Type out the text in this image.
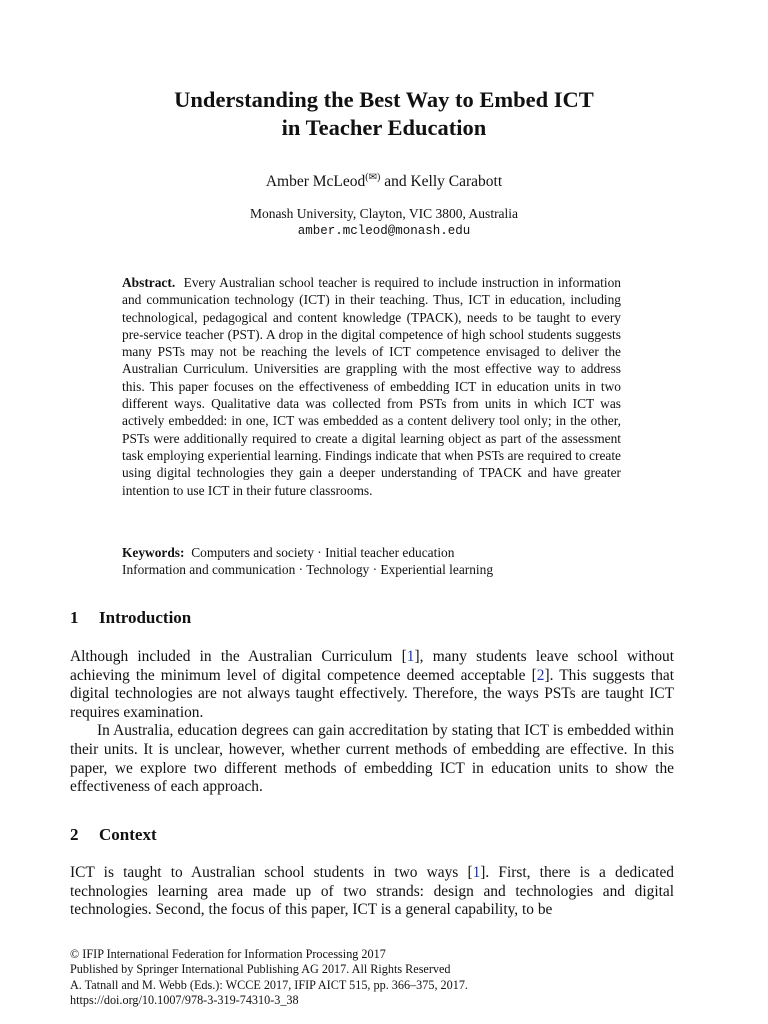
Understanding the Best Way to Embed ICT
in Teacher Education
Amber McLeod(✉) and Kelly Carabott
Monash University, Clayton, VIC 3800, Australia
amber.mcleod@monash.edu
Abstract. Every Australian school teacher is required to include instruction in information and communication technology (ICT) in their teaching. Thus, ICT in education, including technological, pedagogical and content knowledge (TPACK), needs to be taught to every pre-service teacher (PST). A drop in the digital competence of high school students suggests many PSTs may not be reaching the levels of ICT competence envisaged to deliver the Australian Curriculum. Universities are grappling with the most effective way to address this. This paper focuses on the effectiveness of embedding ICT in education units in two different ways. Qualitative data was collected from PSTs from units in which ICT was actively embedded: in one, ICT was embedded as a content delivery tool only; in the other, PSTs were additionally required to create a digital learning object as part of the assessment task employing experiential learning. Findings indicate that when PSTs are required to create using digital technologies they gain a deeper understanding of TPACK and have greater intention to use ICT in their future classrooms.
Keywords: Computers and society · Initial teacher education
Information and communication · Technology · Experiential learning
1 Introduction

Although included in the Australian Curriculum [1], many students leave school without achieving the minimum level of digital competence deemed acceptable [2]. This suggests that digital technologies are not always taught effectively. Therefore, the ways PSTs are taught ICT requires examination.

In Australia, education degrees can gain accreditation by stating that ICT is embedded within their units. It is unclear, however, whether current methods of embedding are effective. In this paper, we explore two different methods of embedding ICT in education units to show the effectiveness of each approach.

2 Context

ICT is taught to Australian school students in two ways [1]. First, there is a dedicated technologies learning area made up of two strands: design and technologies and digital technologies. Second, the focus of this paper, ICT is a general capability, to be

© IFIP International Federation for Information Processing 2017
Published by Springer International Publishing AG 2017. All Rights Reserved
A. Tatnall and M. Webb (Eds.): WCCE 2017, IFIP AICT 515, pp. 366–375, 2017.
https://doi.org/10.1007/978-3-319-74310-3_38
